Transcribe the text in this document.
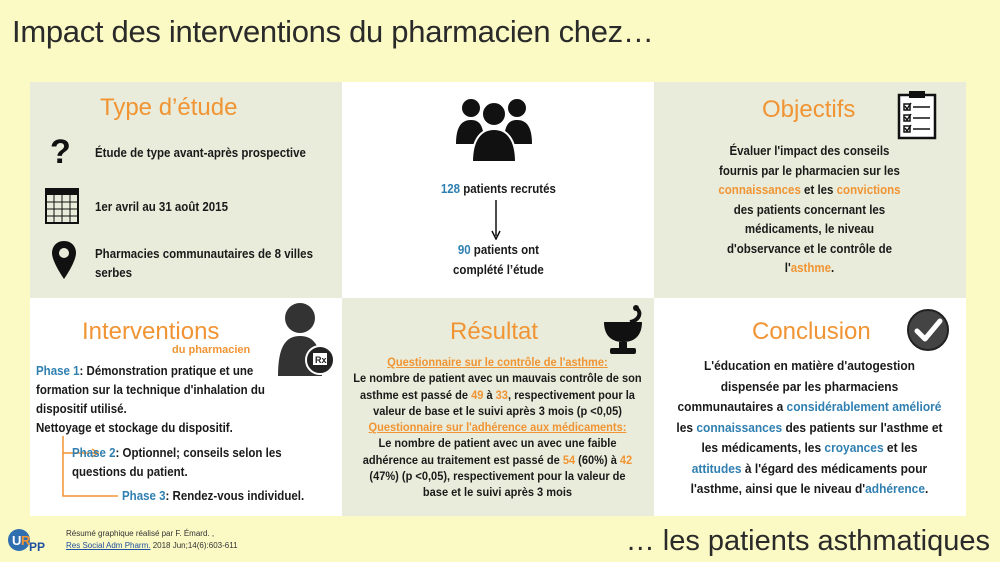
Impact des interventions du pharmacien chez…
Type d’étude
? Étude de type avant-après prospective
1er avril au 31 août 2015
Pharmacies communautaires de 8 villes serbes
128 patients recrutés
90 patients ont
complété l’étude
Objectifs
Évaluer l'impact des conseils
fournis par le pharmacien sur les
connaissances et les convictions
des patients concernant les
médicaments, le niveau
d'observance et le contrôle de
l'asthme.
Interventions
du pharmacien
Rx
Phase 1: Démonstration pratique et une
formation sur la technique d'inhalation du
dispositif utilisé.
Nettoyage et stockage du dispositif.
Phase 2: Optionnel; conseils selon les
questions du patient.
Phase 3: Rendez-vous individuel.
Résultat
Questionnaire sur le contrôle de l'asthme:
Le nombre de patient avec un mauvais contrôle de son
asthme est passé de 49 à 33, respectivement pour la
valeur de base et le suivi après 3 mois (p <0,05)
Questionnaire sur l'adhérence aux médicaments:
Le nombre de patient avec un avec une faible
adhérence au traitement est passé de 54 (60%) à 42
(47%) (p <0,05), respectivement pour la valeur de
base et le suivi après 3 mois
Conclusion
L'éducation en matière d'autogestion
dispensée par les pharmaciens
communautaires a considérablement amélioré
les connaissances des patients sur l'asthme et
les médicaments, les croyances et les
attitudes à l'égard des médicaments pour
l'asthme, ainsi que le niveau d'adhérence.
U R
PP
Résumé graphique réalisé par F. Émard. ,
Res Social Adm Pharm. 2018 Jun;14(6):603-611	… les patients asthmatiques
